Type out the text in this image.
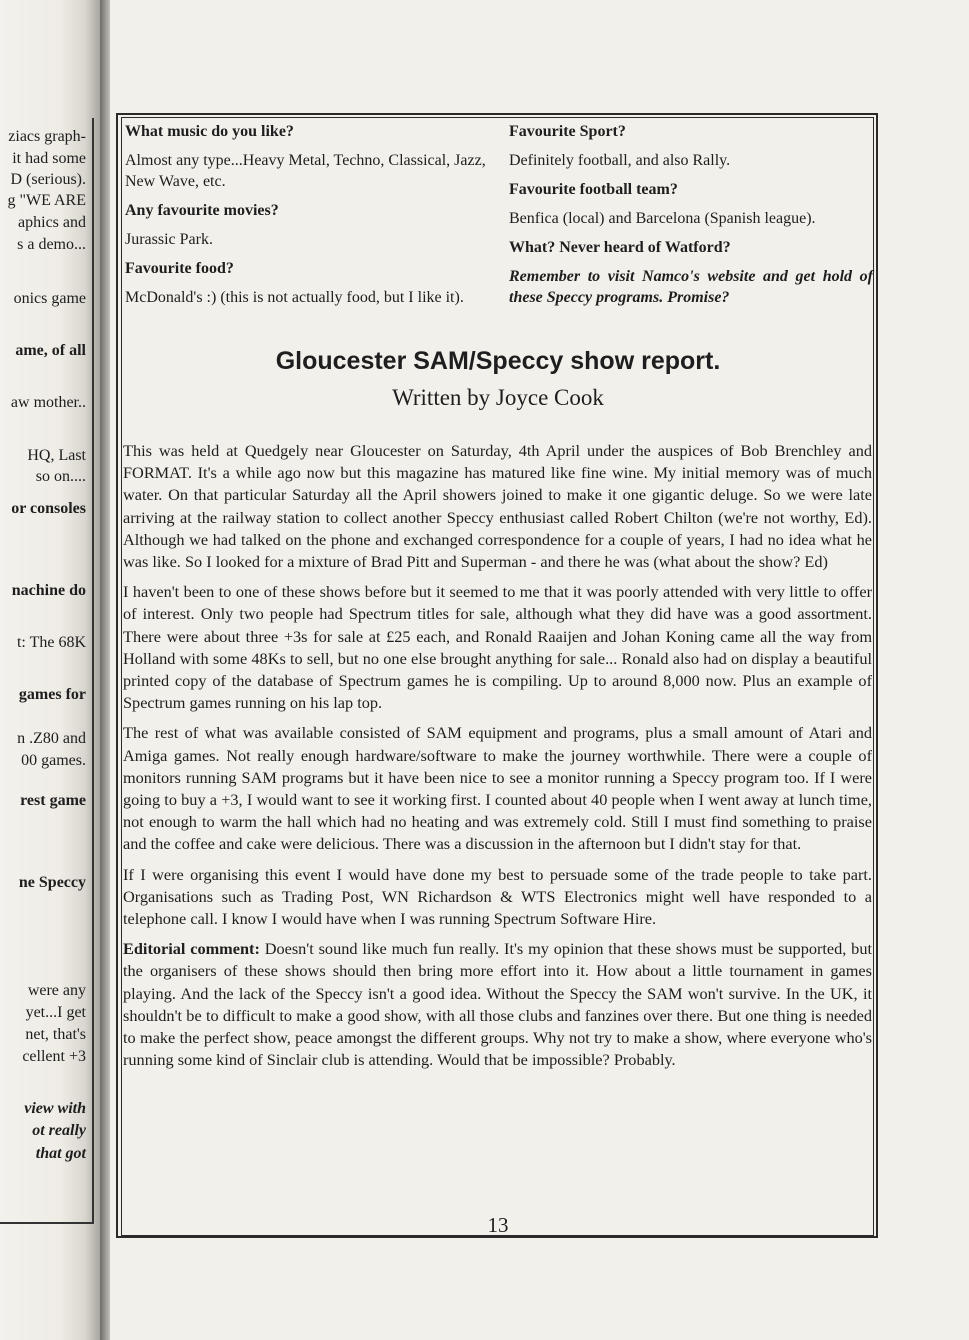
ziacs graph-
it had some
D (serious).
g "WE ARE
aphics and
s a demo...
onics game
ame, of all
aw mother..
HQ, Last
so on....
or consoles
nachine do
t: The 68K
games for
n .Z80 and
00 games.
rest game
ne Speccy
were any
yet...I get
net, that's
cellent +3
view with
ot really
that got
What music do you like?
Almost any type...Heavy Metal, Techno, Classical, Jazz, New Wave, etc.
Any favourite movies?
Jurassic Park.
Favourite food?
McDonald's :) (this is not actually food, but I like it).
Favourite Sport?
Definitely football, and also Rally.
Favourite football team?
Benfica (local) and Barcelona (Spanish league).
What? Never heard of Watford?
Remember to visit Namco's website and get hold of these Speccy programs. Promise?
Gloucester SAM/Speccy show report.
Written by Joyce Cook

This was held at Quedgely near Gloucester on Saturday, 4th April under the auspices of Bob Brenchley and FORMAT. It's a while ago now but this magazine has matured like fine wine. My initial memory was of much water. On that particular Saturday all the April showers joined to make it one gigantic deluge. So we were late arriving at the railway station to collect another Speccy enthusiast called Robert Chilton (we're not worthy, Ed). Although we had talked on the phone and exchanged correspondence for a couple of years, I had no idea what he was like. So I looked for a mixture of Brad Pitt and Superman - and there he was (what about the show? Ed)

I haven't been to one of these shows before but it seemed to me that it was poorly attended with very little to offer of interest. Only two people had Spectrum titles for sale, although what they did have was a good assortment. There were about three +3s for sale at £25 each, and Ronald Raaijen and Johan Koning came all the way from Holland with some 48Ks to sell, but no one else brought anything for sale... Ronald also had on display a beautiful printed copy of the database of Spectrum games he is compiling. Up to around 8,000 now. Plus an example of Spectrum games running on his lap top.

The rest of what was available consisted of SAM equipment and programs, plus a small amount of Atari and Amiga games. Not really enough hardware/software to make the journey worthwhile. There were a couple of monitors running SAM programs but it have been nice to see a monitor running a Speccy program too. If I were going to buy a +3, I would want to see it working first. I counted about 40 people when I went away at lunch time, not enough to warm the hall which had no heating and was extremely cold. Still I must find something to praise and the coffee and cake were delicious. There was a discussion in the afternoon but I didn't stay for that.

If I were organising this event I would have done my best to persuade some of the trade people to take part. Organisations such as Trading Post, WN Richardson & WTS Electronics might well have responded to a telephone call. I know I would have when I was running Spectrum Software Hire.

Editorial comment: Doesn't sound like much fun really. It's my opinion that these shows must be supported, but the organisers of these shows should then bring more effort into it. How about a little tournament in games playing. And the lack of the Speccy isn't a good idea. Without the Speccy the SAM won't survive. In the UK, it shouldn't be to difficult to make a good show, with all those clubs and fanzines over there. But one thing is needed to make the perfect show, peace amongst the different groups. Why not try to make a show, where everyone who's running some kind of Sinclair club is attending. Would that be impossible? Probably.

13
